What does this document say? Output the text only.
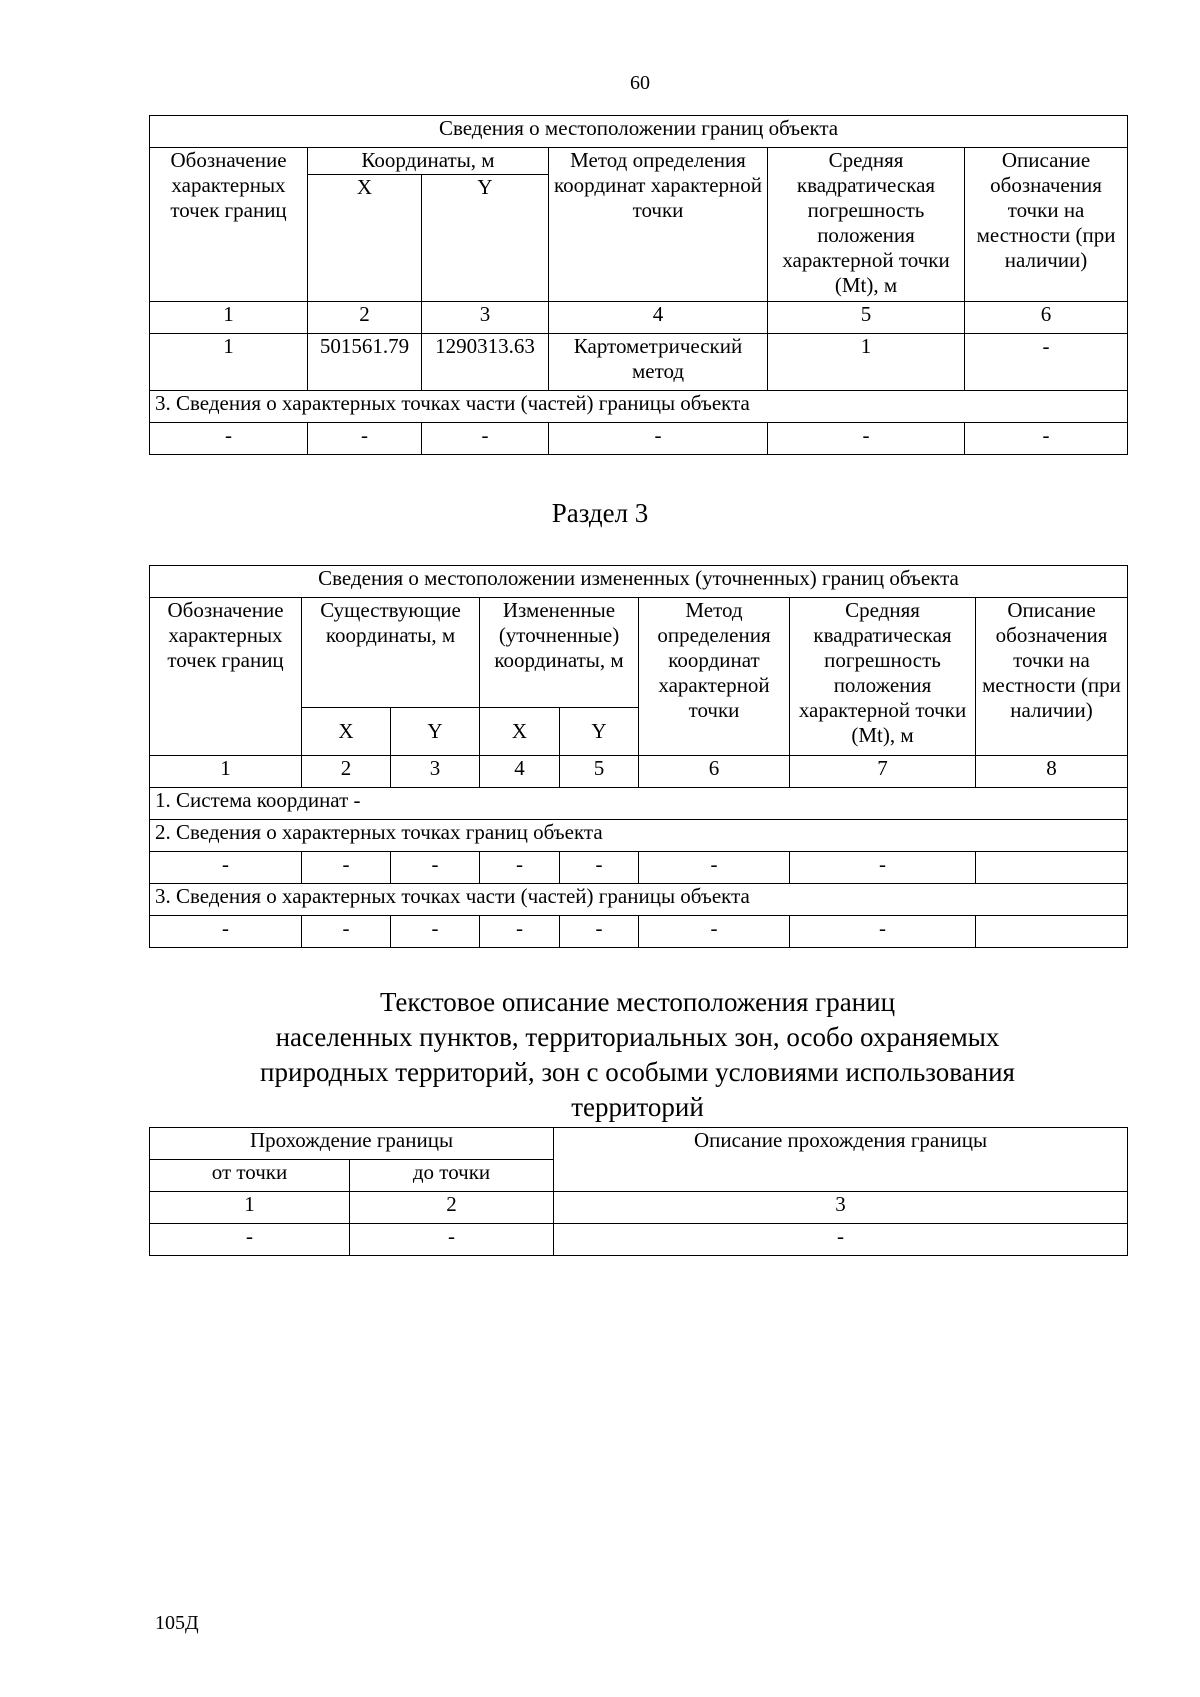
60
Сведения о местоположении границ объекта					
Обозначение характерных точек границ	Координаты, м		Метод определения координат характерной точки	Средняя квадратическая погрешность положения характерной точки (Mt), м	Описание обозначения точки на местности (при наличии)
	X	Y			
1	2	3	4	5	6
1	501561.79	1290313.63	Картометрический метод	1	-
3. Сведения о характерных точках части (частей) границы объекта					
-	-	-	-	-	-
Раздел 3
Сведения о местоположении измененных (уточненных) границ объекта							
Обозначение характерных точек границ	Существующие координаты, м		Измененные (уточненные) координаты, м		Метод определения координат характерной точки	Средняя квадратическая погрешность положения характерной точки (Mt), м	Описание обозначения точки на местности (при наличии)
	X	Y	X	Y			
1	2	3	4	5	6	7	8
1. Система координат -							
2. Сведения о характерных точках границ объекта							
-	-	-	-	-	-	-	
3. Сведения о характерных точках части (частей) границы объекта							
-	-	-	-	-	-	-	
Текстовое описание местоположения границ
населенных пунктов, территориальных зон, особо охраняемых
природных территорий, зон с особыми условиями использования
территорий
Прохождение границы		Описание прохождения границы
от точки	до точки	
1	2	3
-	-	-
105Д
